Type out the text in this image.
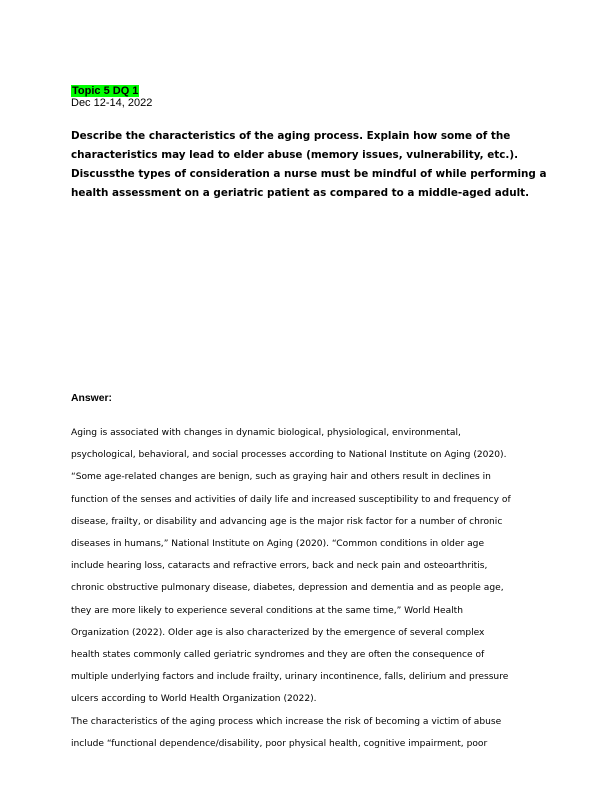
Topic 5 DQ 1
Dec 12-14, 2022
Describe the characteristics of the aging process. Explain how some of the
characteristics may lead to elder abuse (memory issues, vulnerability, etc.).
Discussthe types of consideration a nurse must be mindful of while performing a
health assessment on a geriatric patient as compared to a middle-aged adult.
Answer:
Aging is associated with changes in dynamic biological, physiological, environmental,
psychological, behavioral, and social processes according to National Institute on Aging (2020).
“Some age-related changes are benign, such as graying hair and others result in declines in
function of the senses and activities of daily life and increased susceptibility to and frequency of
disease, frailty, or disability and advancing age is the major risk factor for a number of chronic
diseases in humans,” National Institute on Aging (2020). “Common conditions in older age
include hearing loss, cataracts and refractive errors, back and neck pain and osteoarthritis,
chronic obstructive pulmonary disease, diabetes, depression and dementia and as people age,
they are more likely to experience several conditions at the same time,” World Health
Organization (2022). Older age is also characterized by the emergence of several complex
health states commonly called geriatric syndromes and they are often the consequence of
multiple underlying factors and include frailty, urinary incontinence, falls, delirium and pressure
ulcers according to World Health Organization (2022).
The characteristics of the aging process which increase the risk of becoming a victim of abuse
include “functional dependence/disability, poor physical health, cognitive impairment, poor
